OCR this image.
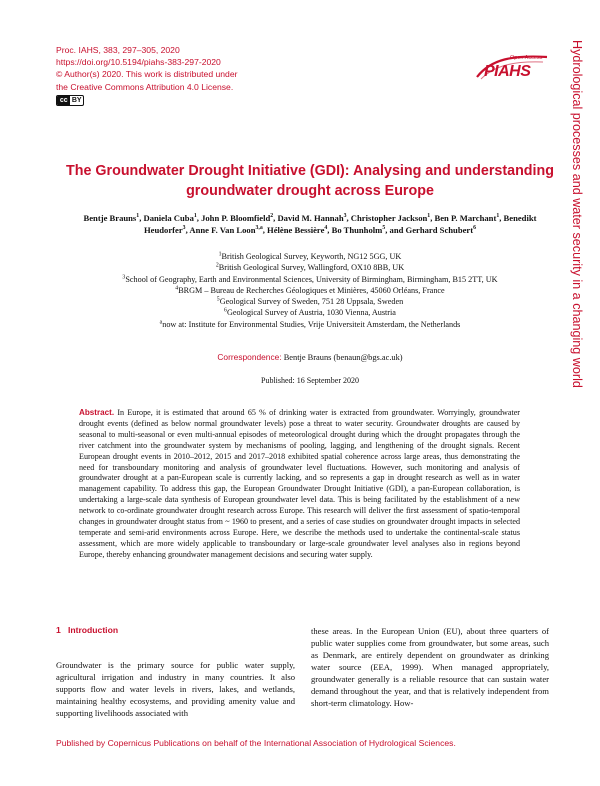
Proc. IAHS, 383, 297–305, 2020
https://doi.org/10.5194/piahs-383-297-2020
© Author(s) 2020. This work is distributed under
the Creative Commons Attribution 4.0 License.
cc BY
Open Access
PIAHS	Hydrological processes and water security in a changing world
The Groundwater Drought Initiative (GDI): Analysing and understanding groundwater drought across Europe
Bentje Brauns$^1$, Daniela Cuba$^1$, John P. Bloomfield$^2$, David M. Hannah$^3$, Christopher Jackson$^1$, Ben P. Marchant$^1$, Benedikt Heudorfer$^3$, Anne F. Van Loon$^{3,a}$, Hélène Bessière$^4$, Bo Thunholm$^5$, and Gerhard Schubert$^6$
$^1$British Geological Survey, Keyworth, NG12 5GG, UK
$^2$British Geological Survey, Wallingford, OX10 8BB, UK
$^3$School of Geography, Earth and Environmental Sciences, University of Birmingham, Birmingham, B15 2TT, UK
$^4$BRGM – Bureau de Recherches Géologiques et Minières, 45060 Orléans, France
$^5$Geological Survey of Sweden, 751 28 Uppsala, Sweden
$^6$Geological Survey of Austria, 1030 Vienna, Austria
$^a$now at: Institute for Environmental Studies, Vrije Universiteit Amsterdam, the Netherlands
Correspondence: Bentje Brauns (benaun@bgs.ac.uk)
Published: 16 September 2020
Abstract. In Europe, it is estimated that around 65 % of drinking water is extracted from groundwater. Worryingly, groundwater drought events (defined as below normal groundwater levels) pose a threat to water security. Groundwater droughts are caused by seasonal to multi-seasonal or even multi-annual episodes of meteorological drought during which the drought propagates through the river catchment into the groundwater system by mechanisms of pooling, lagging, and lengthening of the drought signals. Recent European drought events in 2010–2012, 2015 and 2017–2018 exhibited spatial coherence across large areas, thus demonstrating the need for transboundary monitoring and analysis of groundwater level fluctuations. However, such monitoring and analysis of groundwater drought at a pan-European scale is currently lacking, and so represents a gap in drought research as well as in water management capability. To address this gap, the European Groundwater Drought Initiative (GDI), a pan-European collaboration, is undertaking a large-scale data synthesis of European groundwater level data. This is being facilitated by the establishment of a new network to co-ordinate groundwater drought research across Europe. This research will deliver the first assessment of spatio-temporal changes in groundwater drought status from ~ 1960 to present, and a series of case studies on groundwater drought impacts in selected temperate and semi-arid environments across Europe. Here, we describe the methods used to undertake the continental-scale status assessment, which are more widely applicable to transboundary or large-scale groundwater level analyses also in regions beyond Europe, thereby enhancing groundwater management decisions and securing water supply.
1 Introduction
Groundwater is the primary source for public water supply, agricultural irrigation and industry in many countries. It also supports flow and water levels in rivers, lakes, and wetlands, maintaining healthy ecosystems, and providing amenity value and supporting livelihoods associated with
these areas. In the European Union (EU), about three quarters of public water supplies come from groundwater, but some areas, such as Denmark, are entirely dependent on groundwater as drinking water source (EEA, 1999). When managed appropriately, groundwater generally is a reliable resource that can sustain water demand throughout the year, and that is relatively independent from short-term climatology. How-
Published by Copernicus Publications on behalf of the International Association of Hydrological Sciences.
